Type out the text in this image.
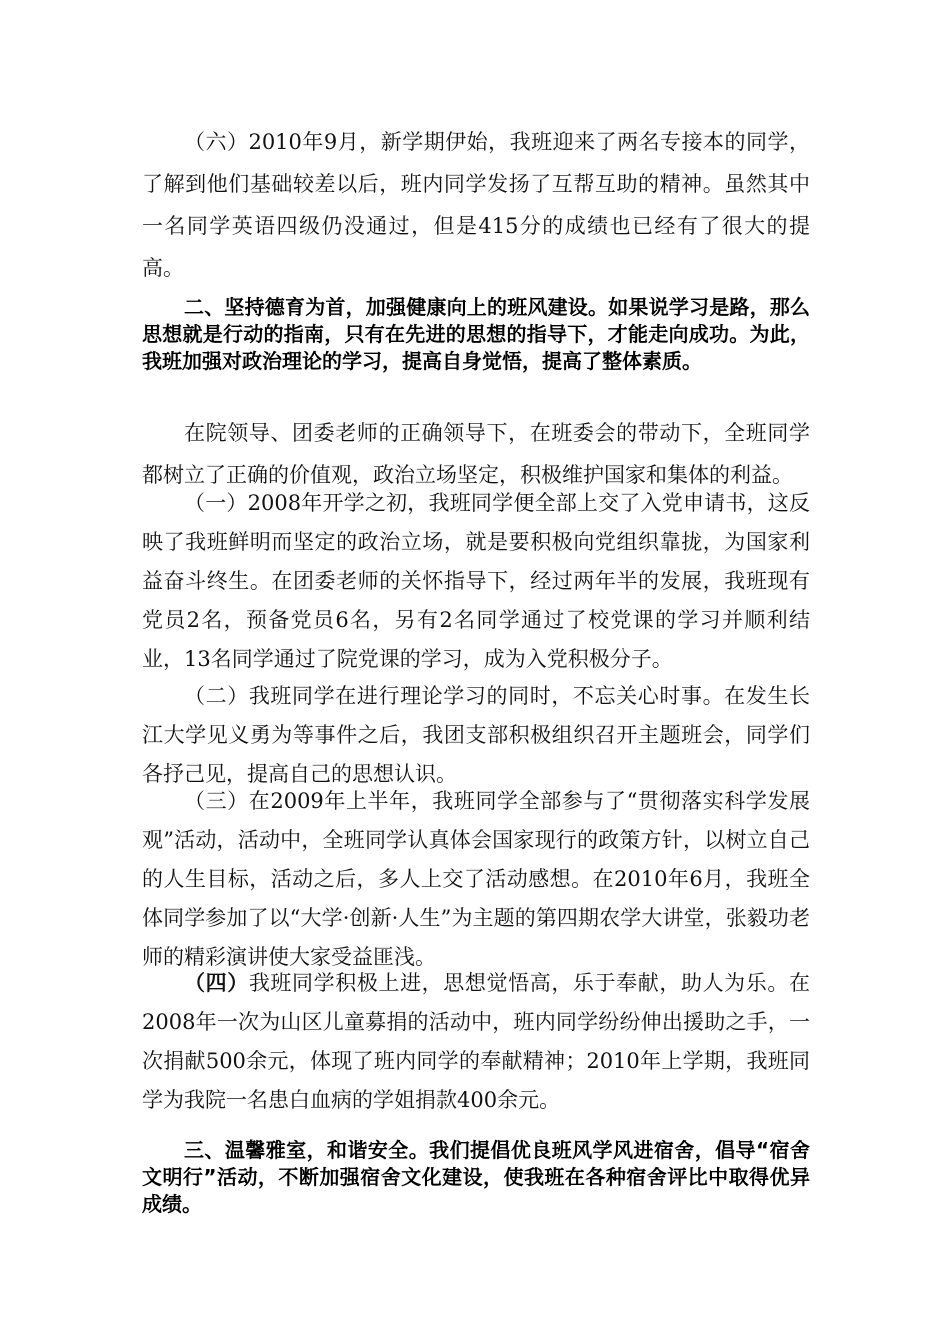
（六）2010年9月，新学期伊始，我班迎来了两名专接本的同学，了解到他们基础较差以后，班内同学发扬了互帮互助的精神。虽然其中一名同学英语四级仍没通过，但是415分的成绩也已经有了很大的提高。

二、坚持德育为首，加强健康向上的班风建设。如果说学习是路，那么思想就是行动的指南，只有在先进的思想的指导下，才能走向成功。为此，我班加强对政治理论的学习，提高自身觉悟，提高了整体素质。

在院领导、团委老师的正确领导下，在班委会的带动下，全班同学都树立了正确的价值观，政治立场坚定，积极维护国家和集体的利益。

（一）2008年开学之初，我班同学便全部上交了入党申请书，这反映了我班鲜明而坚定的政治立场，就是要积极向党组织靠拢，为国家利益奋斗终生。在团委老师的关怀指导下，经过两年半的发展，我班现有党员2名，预备党员6名，另有2名同学通过了校党课的学习并顺利结业，13名同学通过了院党课的学习，成为入党积极分子。

（二）我班同学在进行理论学习的同时，不忘关心时事。在发生长江大学见义勇为等事件之后，我团支部积极组织召开主题班会，同学们各抒己见，提高自己的思想认识。

（三）在2009年上半年，我班同学全部参与了“贯彻落实科学发展观”活动，活动中，全班同学认真体会国家现行的政策方针，以树立自己的人生目标，活动之后，多人上交了活动感想。在2010年6月，我班全体同学参加了以“大学·创新·人生”为主题的第四期农学大讲堂，张毅功老师的精彩演讲使大家受益匪浅。

（四）我班同学积极上进，思想觉悟高，乐于奉献，助人为乐。在2008年一次为山区儿童募捐的活动中，班内同学纷纷伸出援助之手，一次捐献500余元，体现了班内同学的奉献精神；2010年上学期，我班同学为我院一名患白血病的学姐捐款400余元。

三、温馨雅室，和谐安全。我们提倡优良班风学风进宿舍，倡导“宿舍文明行”活动，不断加强宿舍文化建设，使我班在各种宿舍评比中取得优异成绩。
